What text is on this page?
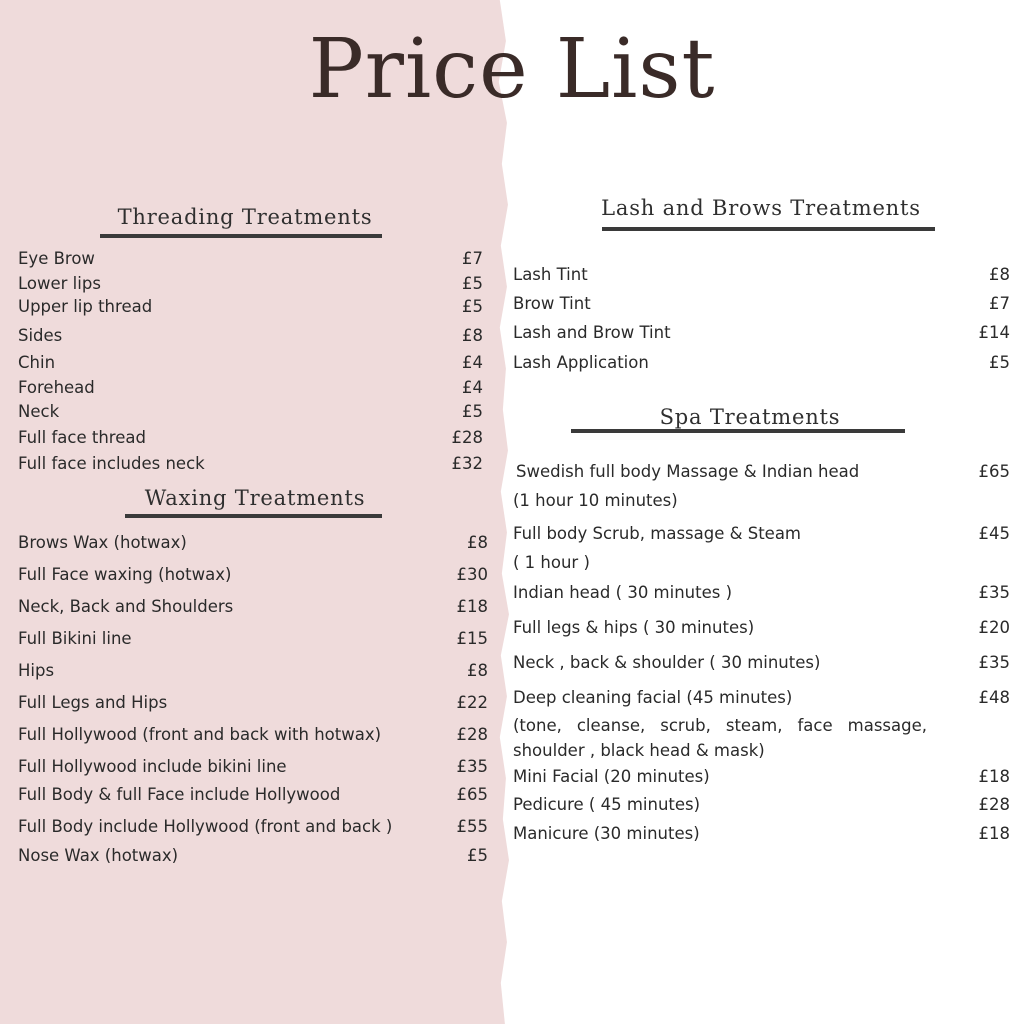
Price List
Threading Treatments
Eye Brow	£7
Lower lips	£5
Upper lip thread	£5
Sides	£8
Chin	£4
Forehead	£4
Neck	£5
Full face thread	£28
Full face includes neck	£32
Waxing Treatments
Brows Wax (hotwax)	£8
Full Face waxing (hotwax)	£30
Neck, Back and Shoulders	£18
Full Bikini line	£15
Hips	£8
Full Legs and Hips	£22
Full Hollywood (front and back with hotwax)	£28
Full Hollywood include bikini line	£35
Full Body & full Face include Hollywood	£65
Full Body include Hollywood (front and back )	£55
Nose Wax (hotwax)	£5
Lash and Brows Treatments
Lash Tint	£8
Brow Tint	£7
Lash and Brow Tint	£14
Lash Application	£5
Spa Treatments
Swedish full body Massage & Indian head	£65
(1 hour 10 minutes)
Full body Scrub, massage & Steam	£45
( 1 hour )
Indian head ( 30 minutes )	£35
Full legs & hips ( 30 minutes)	£20
Neck , back & shoulder ( 30 minutes)	£35
Deep cleaning facial (45 minutes)	£48
(tone, cleanse, scrub, steam, face massage, shoulder , black head & mask)
Mini Facial (20 minutes)	£18
Pedicure ( 45 minutes)	£28
Manicure (30 minutes)	£18
